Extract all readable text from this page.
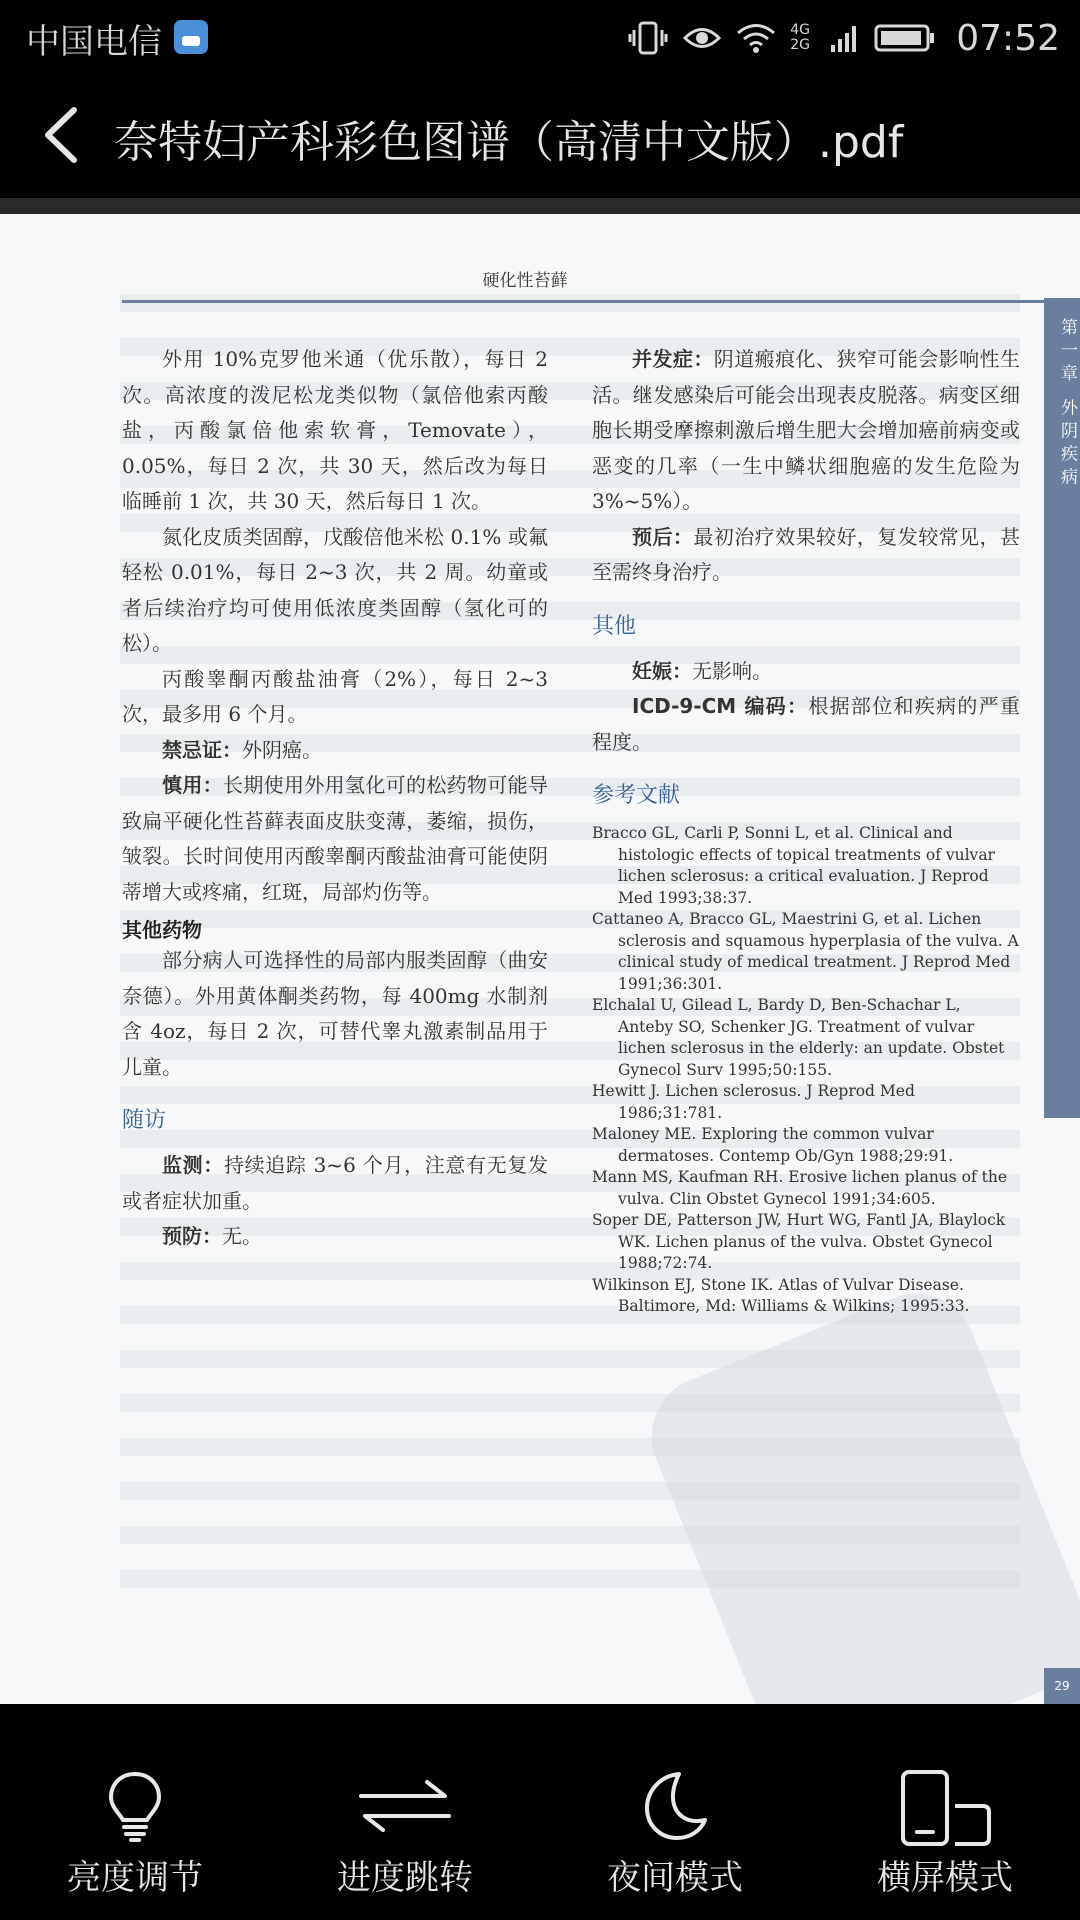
中国电信	4G 2G	07:52
奈特妇产科彩色图谱（高清中文版）.pdf
硬化性苔藓
第一章 外阴疾病

外用 10%克罗他米通（优乐散），每日 2 次。高浓度的泼尼松龙类似物（氯倍他索丙酸盐，丙酸氯倍他索软膏，Temovate），0.05%，每日 2 次，共 30 天，然后改为每日临睡前 1 次，共 30 天，然后每日 1 次。

氮化皮质类固醇，戊酸倍他米松 0.1% 或氟轻松 0.01%，每日 2~3 次，共 2 周。幼童或者后续治疗均可使用低浓度类固醇（氢化可的松）。

丙酸睾酮丙酸盐油膏（2%），每日 2~3 次，最多用 6 个月。

禁忌证：外阴癌。

慎用：长期使用外用氢化可的松药物可能导致扁平硬化性苔藓表面皮肤变薄，萎缩，损伤，皱裂。长时间使用丙酸睾酮丙酸盐油膏可能使阴蒂增大或疼痛，红斑，局部灼伤等。

其他药物

部分病人可选择性的局部内服类固醇（曲安奈德）。外用黄体酮类药物，每 400mg 水制剂含 4oz，每日 2 次，可替代睾丸激素制品用于儿童。

随访

监测：持续追踪 3~6 个月，注意有无复发或者症状加重。

预防：无。

并发症：阴道瘢痕化、狭窄可能会影响性生活。继发感染后可能会出现表皮脱落。病变区细胞长期受摩擦刺激后增生肥大会增加癌前病变或恶变的几率（一生中鳞状细胞癌的发生危险为 3%~5%）。

预后：最初治疗效果较好，复发较常见，甚至需终身治疗。

其他

妊娠：无影响。

ICD-9-CM 编码：根据部位和疾病的严重程度。

参考文献
Bracco GL, Carli P, Sonni L, et al. Clinical and histologic effects of topical treatments of vulvar lichen sclerosus: a critical evaluation. J Reprod Med 1993;38:37.
Cattaneo A, Bracco GL, Maestrini G, et al. Lichen sclerosis and squamous hyperplasia of the vulva. A clinical study of medical treatment. J Reprod Med 1991;36:301.
Elchalal U, Gilead L, Bardy D, Ben-Schachar L, Anteby SO, Schenker JG. Treatment of vulvar lichen sclerosus in the elderly: an update. Obstet Gynecol Surv 1995;50:155.
Hewitt J. Lichen sclerosus. J Reprod Med 1986;31:781.
Maloney ME. Exploring the common vulvar dermatoses. Contemp Ob/Gyn 1988;29:91.
Mann MS, Kaufman RH. Erosive lichen planus of the vulva. Clin Obstet Gynecol 1991;34:605.
Soper DE, Patterson JW, Hurt WG, Fantl JA, Blaylock WK. Lichen planus of the vulva. Obstet Gynecol 1988;72:74.
Wilkinson EJ, Stone IK. Atlas of Vulvar Disease. Baltimore, Md: Williams & Wilkins; 1995:33.
29
亮度调节	进度跳转	夜间模式	横屏模式
